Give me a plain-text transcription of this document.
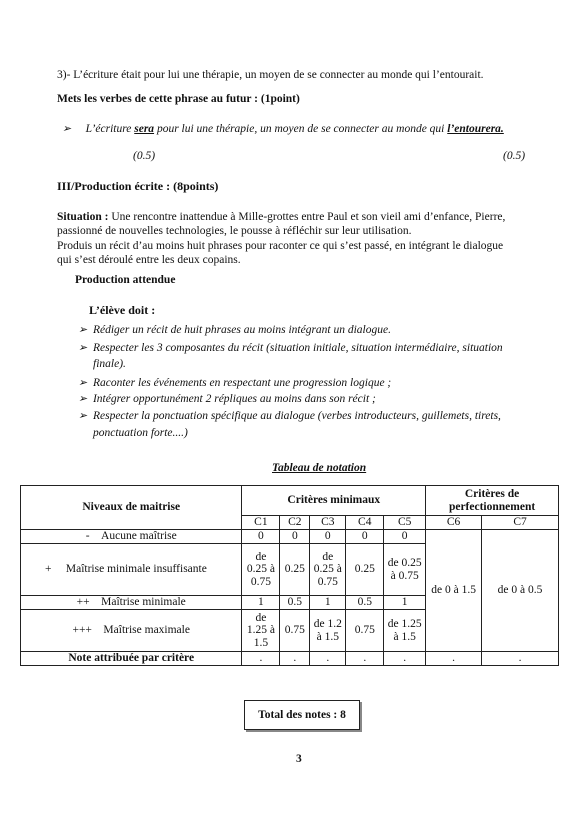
3)- L’écriture était pour lui une thérapie, un moyen de se connecter au monde qui l’entourait.
Mets les verbes de cette phrase au futur : (1point)
➢ L’écriture sera pour lui une thérapie, un moyen de se connecter au monde qui l’entourera.
(0.5)	(0.5)
III/Production écrite : (8points)
Situation : Une rencontre inattendue à Mille-grottes entre Paul et son vieil ami d’enfance, Pierre,
passionné de nouvelles technologies, le pousse à réfléchir sur leur utilisation.
Produis un récit d’au moins huit phrases pour raconter ce qui s’est passé, en intégrant le dialogue
qui s’est déroulé entre les deux copains.
Production attendue
L’élève doit :
➢ Rédiger un récit de huit phrases au moins intégrant un dialogue.
➢ Respecter les 3 composantes du récit (situation initiale, situation intermédiaire, situation
finale).
➢ Raconter les événements en respectant une progression logique ;
➢ Intégrer opportunément 2 répliques au moins dans son récit ;
➢ Respecter la ponctuation spécifique au dialogue (verbes introducteurs, guillemets, tirets,
ponctuation forte....)
Tableau de notation
Niveaux de maitrise	Critères minimaux					Critères de perfectionnement	
	C1	C2	C3	C4	C5	C6	C7
- Aucune maîtrise	0	0	0	0	0	de 0 à 1.5	de 0 à 0.5
+ Maîtrise minimale insuffisante	de 0.25 à 0.75	0.25	de 0.25 à 0.75	0.25	de 0.25 à 0.75		
++ Maîtrise minimale	1	0.5	1	0.5	1		
+++ Maîtrise maximale	de 1.25 à 1.5	0.75	de 1.2 à 1.5	0.75	de 1.25 à 1.5		
Note attribuée par critère	.	.	.	.	.	.	.
Total des notes : 8
3
